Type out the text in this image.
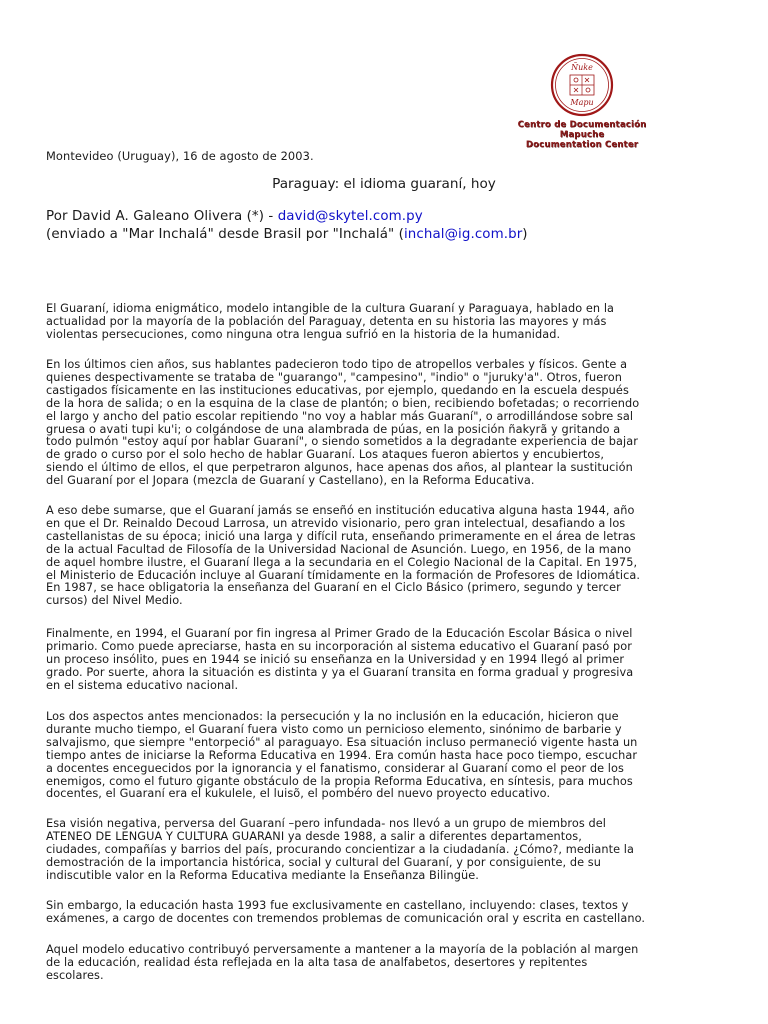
Ñuke
Mapu
Centro de Documentación
Mapuche
Documentation Center
Montevideo (Uruguay), 16 de agosto de 2003.
Paraguay: el idioma guaraní, hoy
Por David A. Galeano Olivera (*) - david@skytel.com.py
(enviado a "Mar Inchalá" desde Brasil por "Inchalá" (inchal@ig.com.br)
El Guaraní, idioma enigmático, modelo intangible de la cultura Guaraní y Paraguaya, hablado en la
actualidad por la mayoría de la población del Paraguay, detenta en su historia las mayores y más
violentas persecuciones, como ninguna otra lengua sufrió en la historia de la humanidad.
En los últimos cien años, sus hablantes padecieron todo tipo de atropellos verbales y físicos. Gente a
quienes despectivamente se trataba de "guarango", "campesino", "indio" o "juruky'a". Otros, fueron
castigados físicamente en las instituciones educativas, por ejemplo, quedando en la escuela después
de la hora de salida; o en la esquina de la clase de plantón; o bien, recibiendo bofetadas; o recorriendo
el largo y ancho del patio escolar repitiendo "no voy a hablar más Guaraní", o arrodillándose sobre sal
gruesa o avati tupi ku'i; o colgándose de una alambrada de púas, en la posición ñakyrã y gritando a
todo pulmón "estoy aquí por hablar Guaraní", o siendo sometidos a la degradante experiencia de bajar
de grado o curso por el solo hecho de hablar Guaraní. Los ataques fueron abiertos y encubiertos,
siendo el último de ellos, el que perpetraron algunos, hace apenas dos años, al plantear la sustitución
del Guaraní por el Jopara (mezcla de Guaraní y Castellano), en la Reforma Educativa.
A eso debe sumarse, que el Guaraní jamás se enseñó en institución educativa alguna hasta 1944, año
en que el Dr. Reinaldo Decoud Larrosa, un atrevido visionario, pero gran intelectual, desafiando a los
castellanistas de su época; inició una larga y difícil ruta, enseñando primeramente en el área de letras
de la actual Facultad de Filosofía de la Universidad Nacional de Asunción. Luego, en 1956, de la mano
de aquel hombre ilustre, el Guaraní llega a la secundaria en el Colegio Nacional de la Capital. En 1975,
el Ministerio de Educación incluye al Guaraní tímidamente en la formación de Profesores de Idiomática.
En 1987, se hace obligatoria la enseñanza del Guaraní en el Ciclo Básico (primero, segundo y tercer
cursos) del Nivel Medio.
Finalmente, en 1994, el Guaraní por fin ingresa al Primer Grado de la Educación Escolar Básica o nivel
primario. Como puede apreciarse, hasta en su incorporación al sistema educativo el Guaraní pasó por
un proceso insólito, pues en 1944 se inició su enseñanza en la Universidad y en 1994 llegó al primer
grado. Por suerte, ahora la situación es distinta y ya el Guaraní transita en forma gradual y progresiva
en el sistema educativo nacional.
Los dos aspectos antes mencionados: la persecución y la no inclusión en la educación, hicieron que
durante mucho tiempo, el Guaraní fuera visto como un pernicioso elemento, sinónimo de barbarie y
salvajismo, que siempre "entorpeció" al paraguayo. Esa situación incluso permaneció vigente hasta un
tiempo antes de iniciarse la Reforma Educativa en 1994. Era común hasta hace poco tiempo, escuchar
a docentes enceguecidos por la ignorancia y el fanatismo, considerar al Guaraní como el peor de los
enemigos, como el futuro gigante obstáculo de la propia Reforma Educativa, en síntesis, para muchos
docentes, el Guaraní era el kukulele, el luisõ, el pombéro del nuevo proyecto educativo.
Esa visión negativa, perversa del Guaraní –pero infundada- nos llevó a un grupo de miembros del
ATENEO DE LENGUA Y CULTURA GUARANI ya desde 1988, a salir a diferentes departamentos,
ciudades, compañías y barrios del país, procurando concientizar a la ciudadanía. ¿Cómo?, mediante la
demostración de la importancia histórica, social y cultural del Guaraní, y por consiguiente, de su
indiscutible valor en la Reforma Educativa mediante la Enseñanza Bilingüe.
Sin embargo, la educación hasta 1993 fue exclusivamente en castellano, incluyendo: clases, textos y
exámenes, a cargo de docentes con tremendos problemas de comunicación oral y escrita en castellano.
Aquel modelo educativo contribuyó perversamente a mantener a la mayoría de la población al margen
de la educación, realidad ésta reflejada en la alta tasa de analfabetos, desertores y repitentes
escolares.
